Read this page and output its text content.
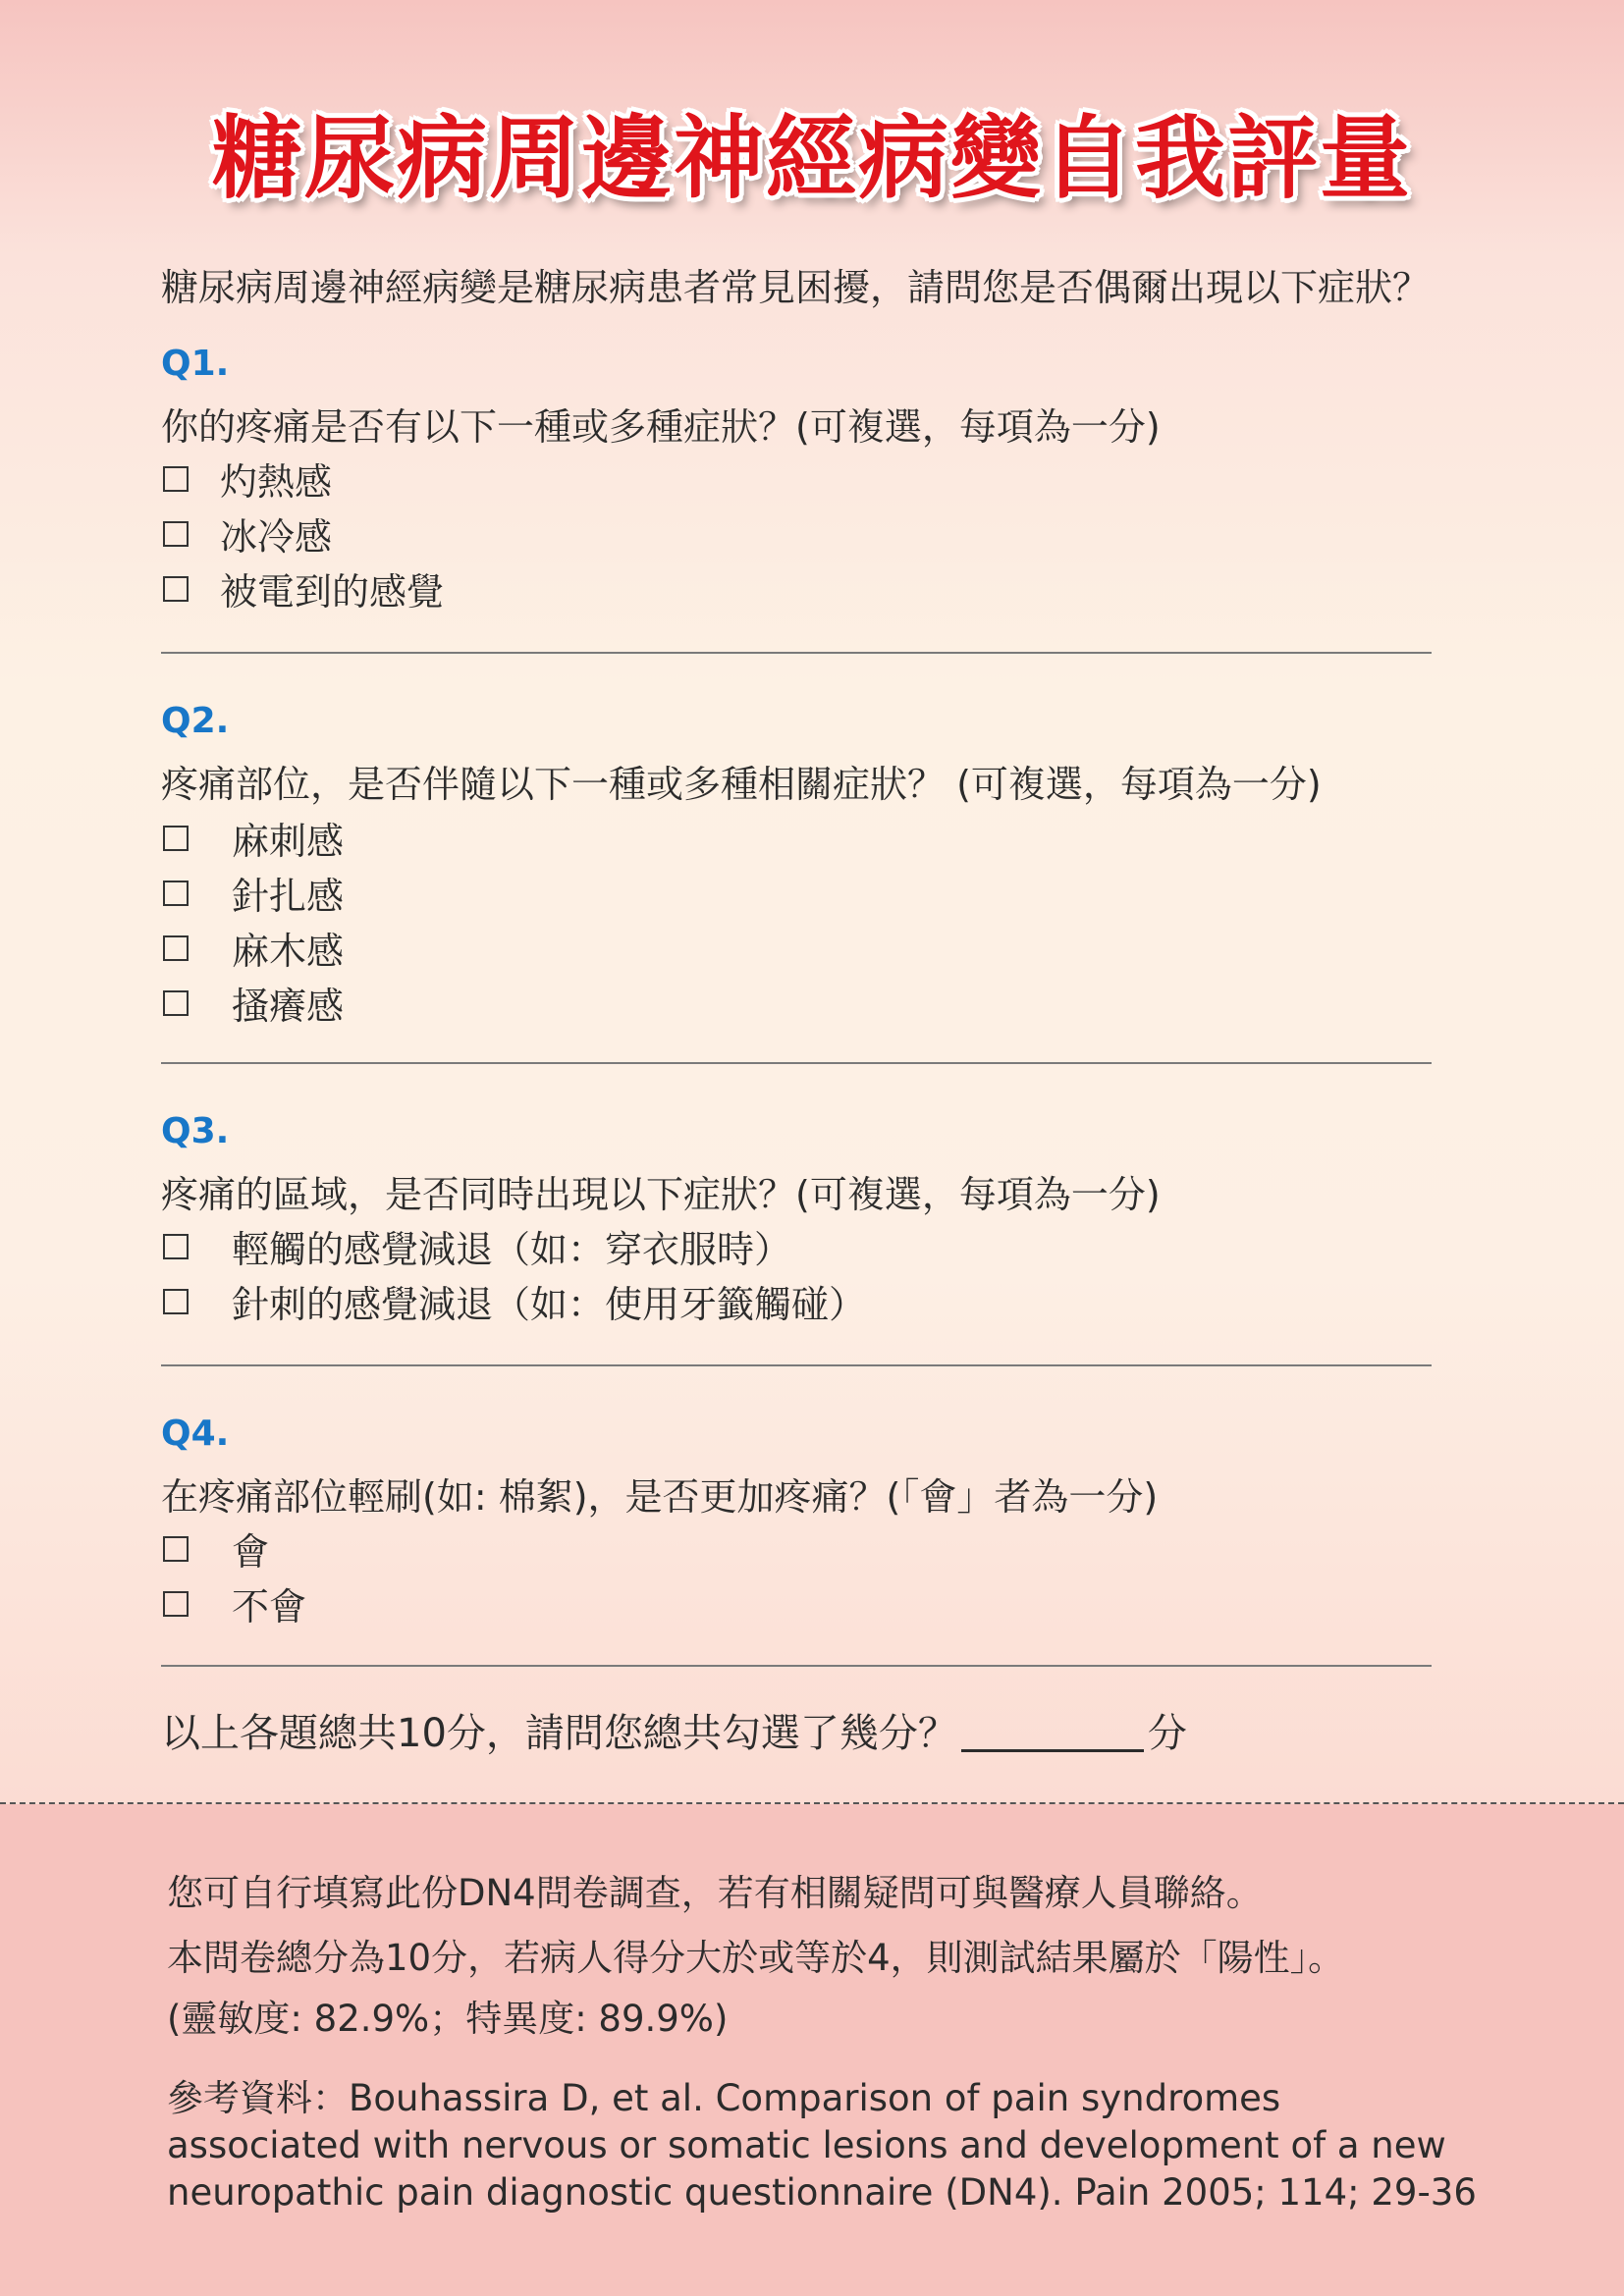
糖尿病周邊神經病變自我評量
糖尿病周邊神經病變是糖尿病患者常見困擾，請問您是否偶爾出現以下症狀？
Q1.
你的疼痛是否有以下一種或多種症狀？(可複選，每項為一分)
灼熱感
冰冷感
被電到的感覺
Q2.
疼痛部位，是否伴隨以下一種或多種相關症狀？ (可複選，每項為一分)
麻刺感
針扎感
麻木感
搔癢感
Q3.
疼痛的區域，是否同時出現以下症狀？(可複選，每項為一分)
輕觸的感覺減退（如：穿衣服時）
針刺的感覺減退（如：使用牙籤觸碰）
Q4.
在疼痛部位輕刷(如: 棉絮)，是否更加疼痛？(「會」者為一分)
會
不會
以上各題總共10分，請問您總共勾選了幾分？	分
您可自行填寫此份DN4問卷調查，若有相關疑問可與醫療人員聯絡。
本問卷總分為10分，若病人得分大於或等於4，則測試結果屬於「陽性」。
(靈敏度: 82.9%；特異度: 89.9%)
參考資料：Bouhassira D, et al. Comparison of pain syndromes associated with nervous or somatic lesions and development of a new neuropathic pain diagnostic questionnaire (DN4). Pain 2005; 114; 29-36
